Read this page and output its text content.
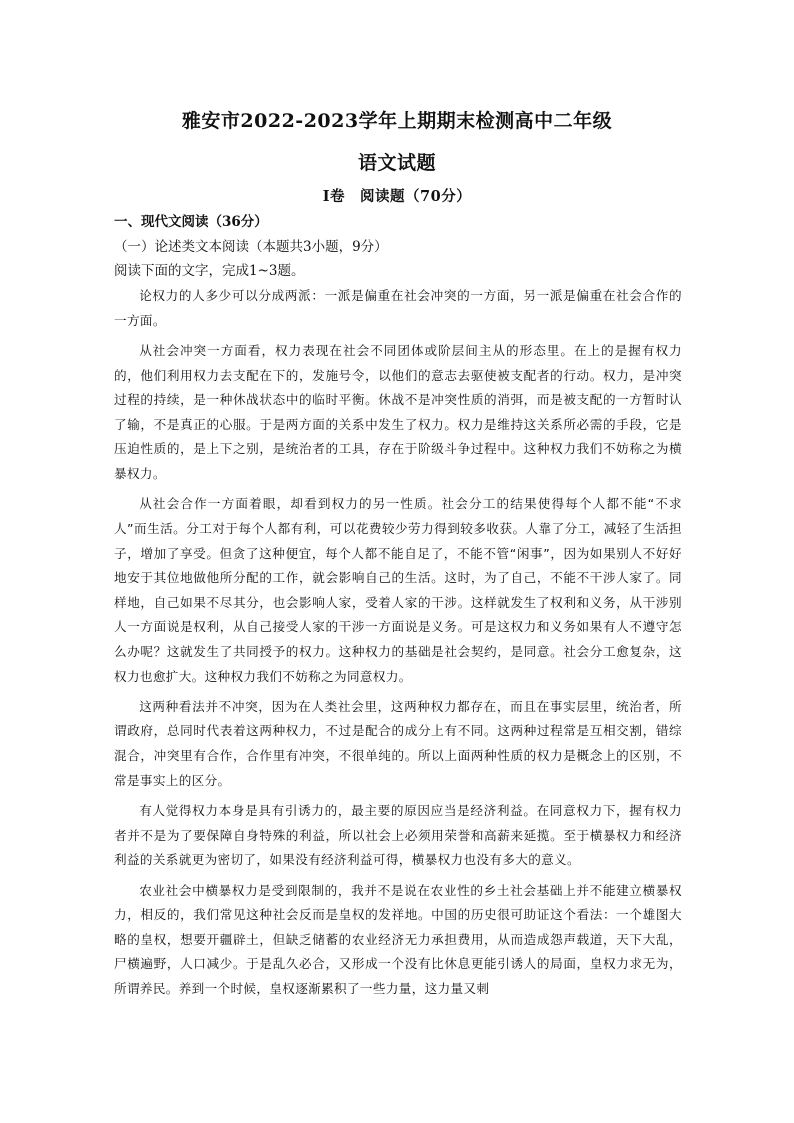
雅安市2022-2023学年上期期末检测高中二年级
语文试题
I卷　阅读题（70分）
一、现代文阅读（36分）
（一）论述类文本阅读（本题共3小题，9分）
阅读下面的文字，完成1~3题。

论权力的人多少可以分成两派：一派是偏重在社会冲突的一方面，另一派是偏重在社会合作的一方面。

从社会冲突一方面看，权力表现在社会不同团体或阶层间主从的形态里。在上的是握有权力的，他们利用权力去支配在下的，发施号令，以他们的意志去驱使被支配者的行动。权力，是冲突过程的持续，是一种休战状态中的临时平衡。休战不是冲突性质的消弭，而是被支配的一方暂时认了输，不是真正的心服。于是两方面的关系中发生了权力。权力是维持这关系所必需的手段，它是压迫性质的，是上下之别，是统治者的工具，存在于阶级斗争过程中。这种权力我们不妨称之为横暴权力。

从社会合作一方面着眼，却看到权力的另一性质。社会分工的结果使得每个人都不能“不求人”而生活。分工对于每个人都有利，可以花费较少劳力得到较多收获。人靠了分工，减轻了生活担子，增加了享受。但贪了这种便宜，每个人都不能自足了，不能不管“闲事”，因为如果别人不好好地安于其位地做他所分配的工作，就会影响自己的生活。这时，为了自己，不能不干涉人家了。同样地，自己如果不尽其分，也会影响人家，受着人家的干涉。这样就发生了权利和义务，从干涉别人一方面说是权利，从自己接受人家的干涉一方面说是义务。可是这权力和义务如果有人不遵守怎么办呢？这就发生了共同授予的权力。这种权力的基础是社会契约，是同意。社会分工愈复杂，这权力也愈扩大。这种权力我们不妨称之为同意权力。

这两种看法并不冲突，因为在人类社会里，这两种权力都存在，而且在事实层里，统治者，所谓政府，总同时代表着这两种权力，不过是配合的成分上有不同。这两种过程常是互相交割，错综混合，冲突里有合作，合作里有冲突，不很单纯的。所以上面两种性质的权力是概念上的区别，不常是事实上的区分。

有人觉得权力本身是具有引诱力的，最主要的原因应当是经济利益。在同意权力下，握有权力者并不是为了要保障自身特殊的利益，所以社会上必须用荣誉和高薪来延揽。至于横暴权力和经济利益的关系就更为密切了，如果没有经济利益可得，横暴权力也没有多大的意义。

农业社会中横暴权力是受到限制的，我并不是说在农业性的乡土社会基础上并不能建立横暴权力，相反的，我们常见这种社会反而是皇权的发祥地。中国的历史很可助证这个看法：一个雄图大略的皇权，想要开疆辟土，但缺乏储蓄的农业经济无力承担费用，从而造成怨声载道，天下大乱，尸横遍野，人口减少。于是乱久必合，又形成一个没有比休息更能引诱人的局面，皇权力求无为，所谓养民。养到一个时候，皇权逐渐累积了一些力量，这力量又刺
